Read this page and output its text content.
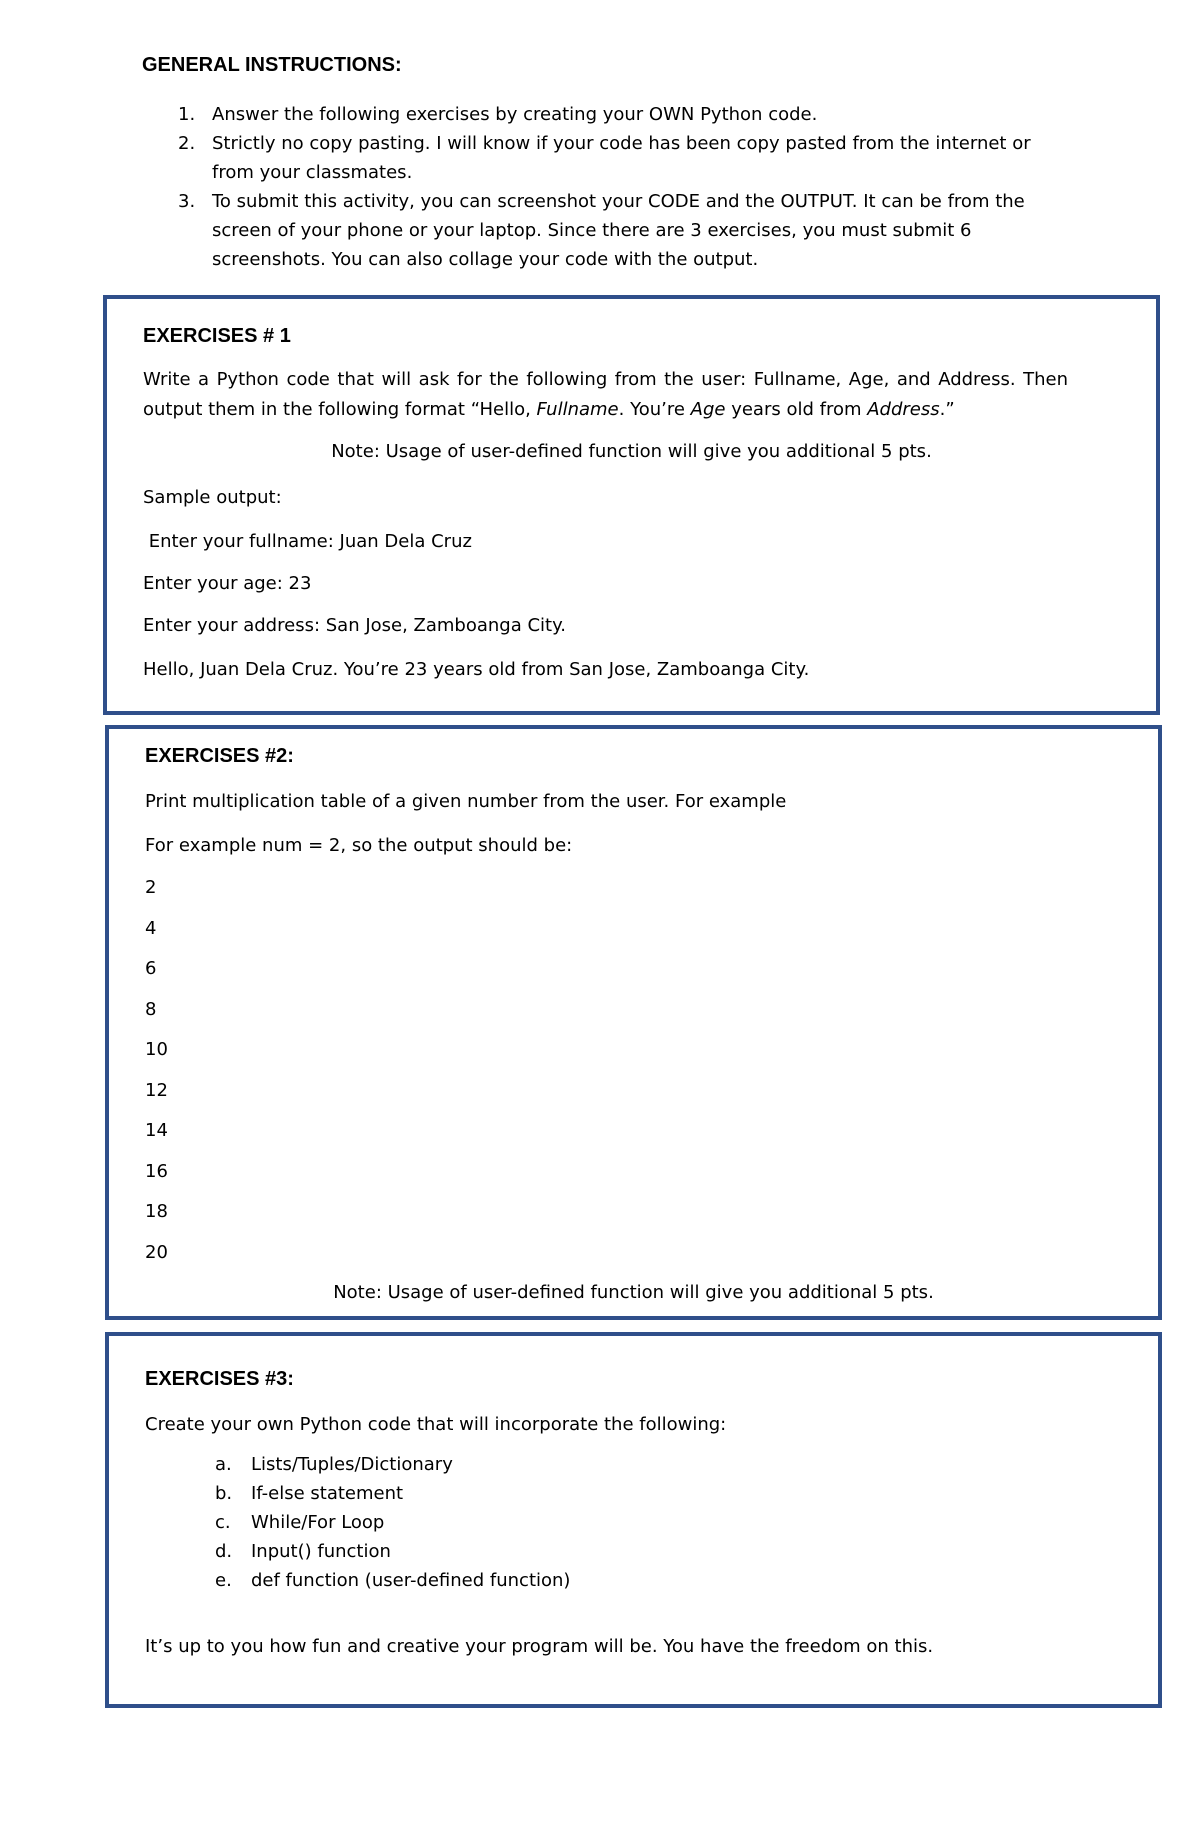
GENERAL INSTRUCTIONS:
1. Answer the following exercises by creating your OWN Python code.
2. Strictly no copy pasting. I will know if your code has been copy pasted from the internet or from your classmates.
3. To submit this activity, you can screenshot your CODE and the OUTPUT. It can be from the screen of your phone or your laptop. Since there are 3 exercises, you must submit 6 screenshots. You can also collage your code with the output.
EXERCISES # 1
Write a Python code that will ask for the following from the user: Fullname, Age, and Address. Then output them in the following format “Hello, Fullname. You’re Age years old from Address.”
Note: Usage of user-defined function will give you additional 5 pts.
Sample output:
Enter your fullname: Juan Dela Cruz
Enter your age: 23
Enter your address: San Jose, Zamboanga City.
Hello, Juan Dela Cruz. You’re 23 years old from San Jose, Zamboanga City.
EXERCISES #2:
Print multiplication table of a given number from the user. For example
For example num = 2, so the output should be:
2
4
6
8
10
12
14
16
18
20
Note: Usage of user-defined function will give you additional 5 pts.
EXERCISES #3:
Create your own Python code that will incorporate the following:
a. Lists/Tuples/Dictionary
b. If-else statement
c. While/For Loop
d. Input() function
e. def function (user-defined function)
It’s up to you how fun and creative your program will be. You have the freedom on this.
